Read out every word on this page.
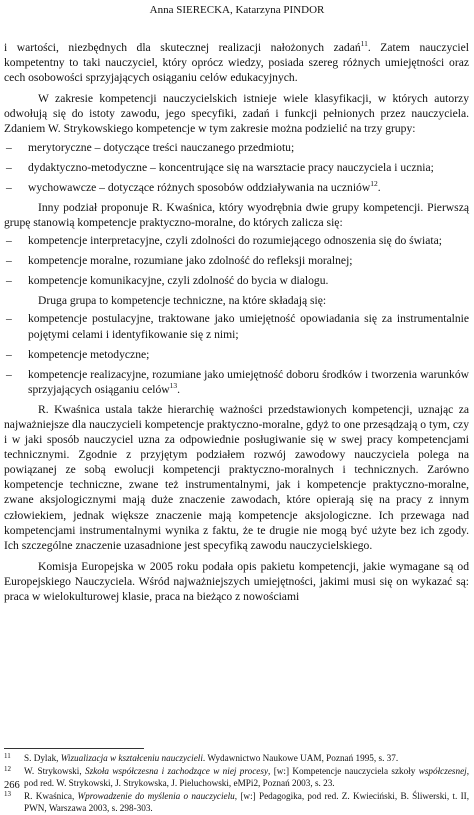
Anna SIERECKA, Katarzyna PINDOR

i wartości, niezbędnych dla skutecznej realizacji nałożonych zadań$^{11}$. Zatem nauczyciel kompetentny to taki nauczyciel, który oprócz wiedzy, posiada szereg różnych umiejętności oraz cech osobowości sprzyjających osiąganiu celów edukacyjnych.

W zakresie kompetencji nauczycielskich istnieje wiele klasyfikacji, w których autorzy odwołują się do istoty zawodu, jego specyfiki, zadań i funkcji pełnionych przez nauczyciela. Zdaniem W. Strykowskiego kompetencje w tym zakresie można podzielić na trzy grupy:

– merytoryczne – dotyczące treści nauczanego przedmiotu;
– dydaktyczno-metodyczne – koncentrujące się na warsztacie pracy nauczyciela i ucznia;
– wychowawcze – dotyczące różnych sposobów oddziaływania na uczniów$^{12}$.

Inny podział proponuje R. Kwaśnica, który wyodrębnia dwie grupy kompetencji. Pierwszą grupę stanowią kompetencje praktyczno-moralne, do których zalicza się:

– kompetencje interpretacyjne, czyli zdolności do rozumiejącego odnoszenia się do świata;
– kompetencje moralne, rozumiane jako zdolność do refleksji moralnej;
– kompetencje komunikacyjne, czyli zdolność do bycia w dialogu.

Druga grupa to kompetencje techniczne, na które składają się:

– kompetencje postulacyjne, traktowane jako umiejętność opowiadania się za instrumentalnie pojętymi celami i identyfikowanie się z nimi;
– kompetencje metodyczne;
– kompetencje realizacyjne, rozumiane jako umiejętność doboru środków i tworzenia warunków sprzyjających osiąganiu celów$^{13}$.

R. Kwaśnica ustala także hierarchię ważności przedstawionych kompetencji, uznając za najważniejsze dla nauczycieli kompetencje praktyczno-moralne, gdyż to one przesądzają o tym, czy i w jaki sposób nauczyciel uzna za odpowiednie posługiwanie się w swej pracy kompetencjami technicznymi. Zgodnie z przyjętym podziałem rozwój zawodowy nauczyciela polega na powiązanej ze sobą ewolucji kompetencji praktyczno-moralnych i technicznych. Zarówno kompetencje techniczne, zwane też instrumentalnymi, jak i kompetencje praktyczno-moralne, zwane aksjologicznymi mają duże znaczenie zawodach, które opierają się na pracy z innym człowiekiem, jednak większe znaczenie mają kompetencje aksjologiczne. Ich przewaga nad kompetencjami instrumentalnymi wynika z faktu, że te drugie nie mogą być użyte bez ich zgody. Ich szczególne znaczenie uzasadnione jest specyfiką zawodu nauczycielskiego.

Komisja Europejska w 2005 roku podała opis pakietu kompetencji, jakie wymagane są od Europejskiego Nauczyciela. Wśród najważniejszych umiejętności, jakimi musi się on wykazać są: praca w wielokulturowej klasie, praca na bieżąco z nowościami

11 S. Dylak, Wizualizacja w kształceniu nauczycieli. Wydawnictwo Naukowe UAM, Poznań 1995, s. 37.
12 W. Strykowski, Szkoła współczesna i zachodzące w niej procesy, [w:] Kompetencje nauczyciela szkoły współczesnej, pod red. W. Strykowski, J. Strykowska, J. Pieluchowski, eMPi2, Poznań 2003, s. 23.
13 R. Kwaśnica, Wprowadzenie do myślenia o nauczycielu, [w:] Pedagogika, pod red. Z. Kwieciński, B. Śliwerski, t. II, PWN, Warszawa 2003, s. 298-303.
266
